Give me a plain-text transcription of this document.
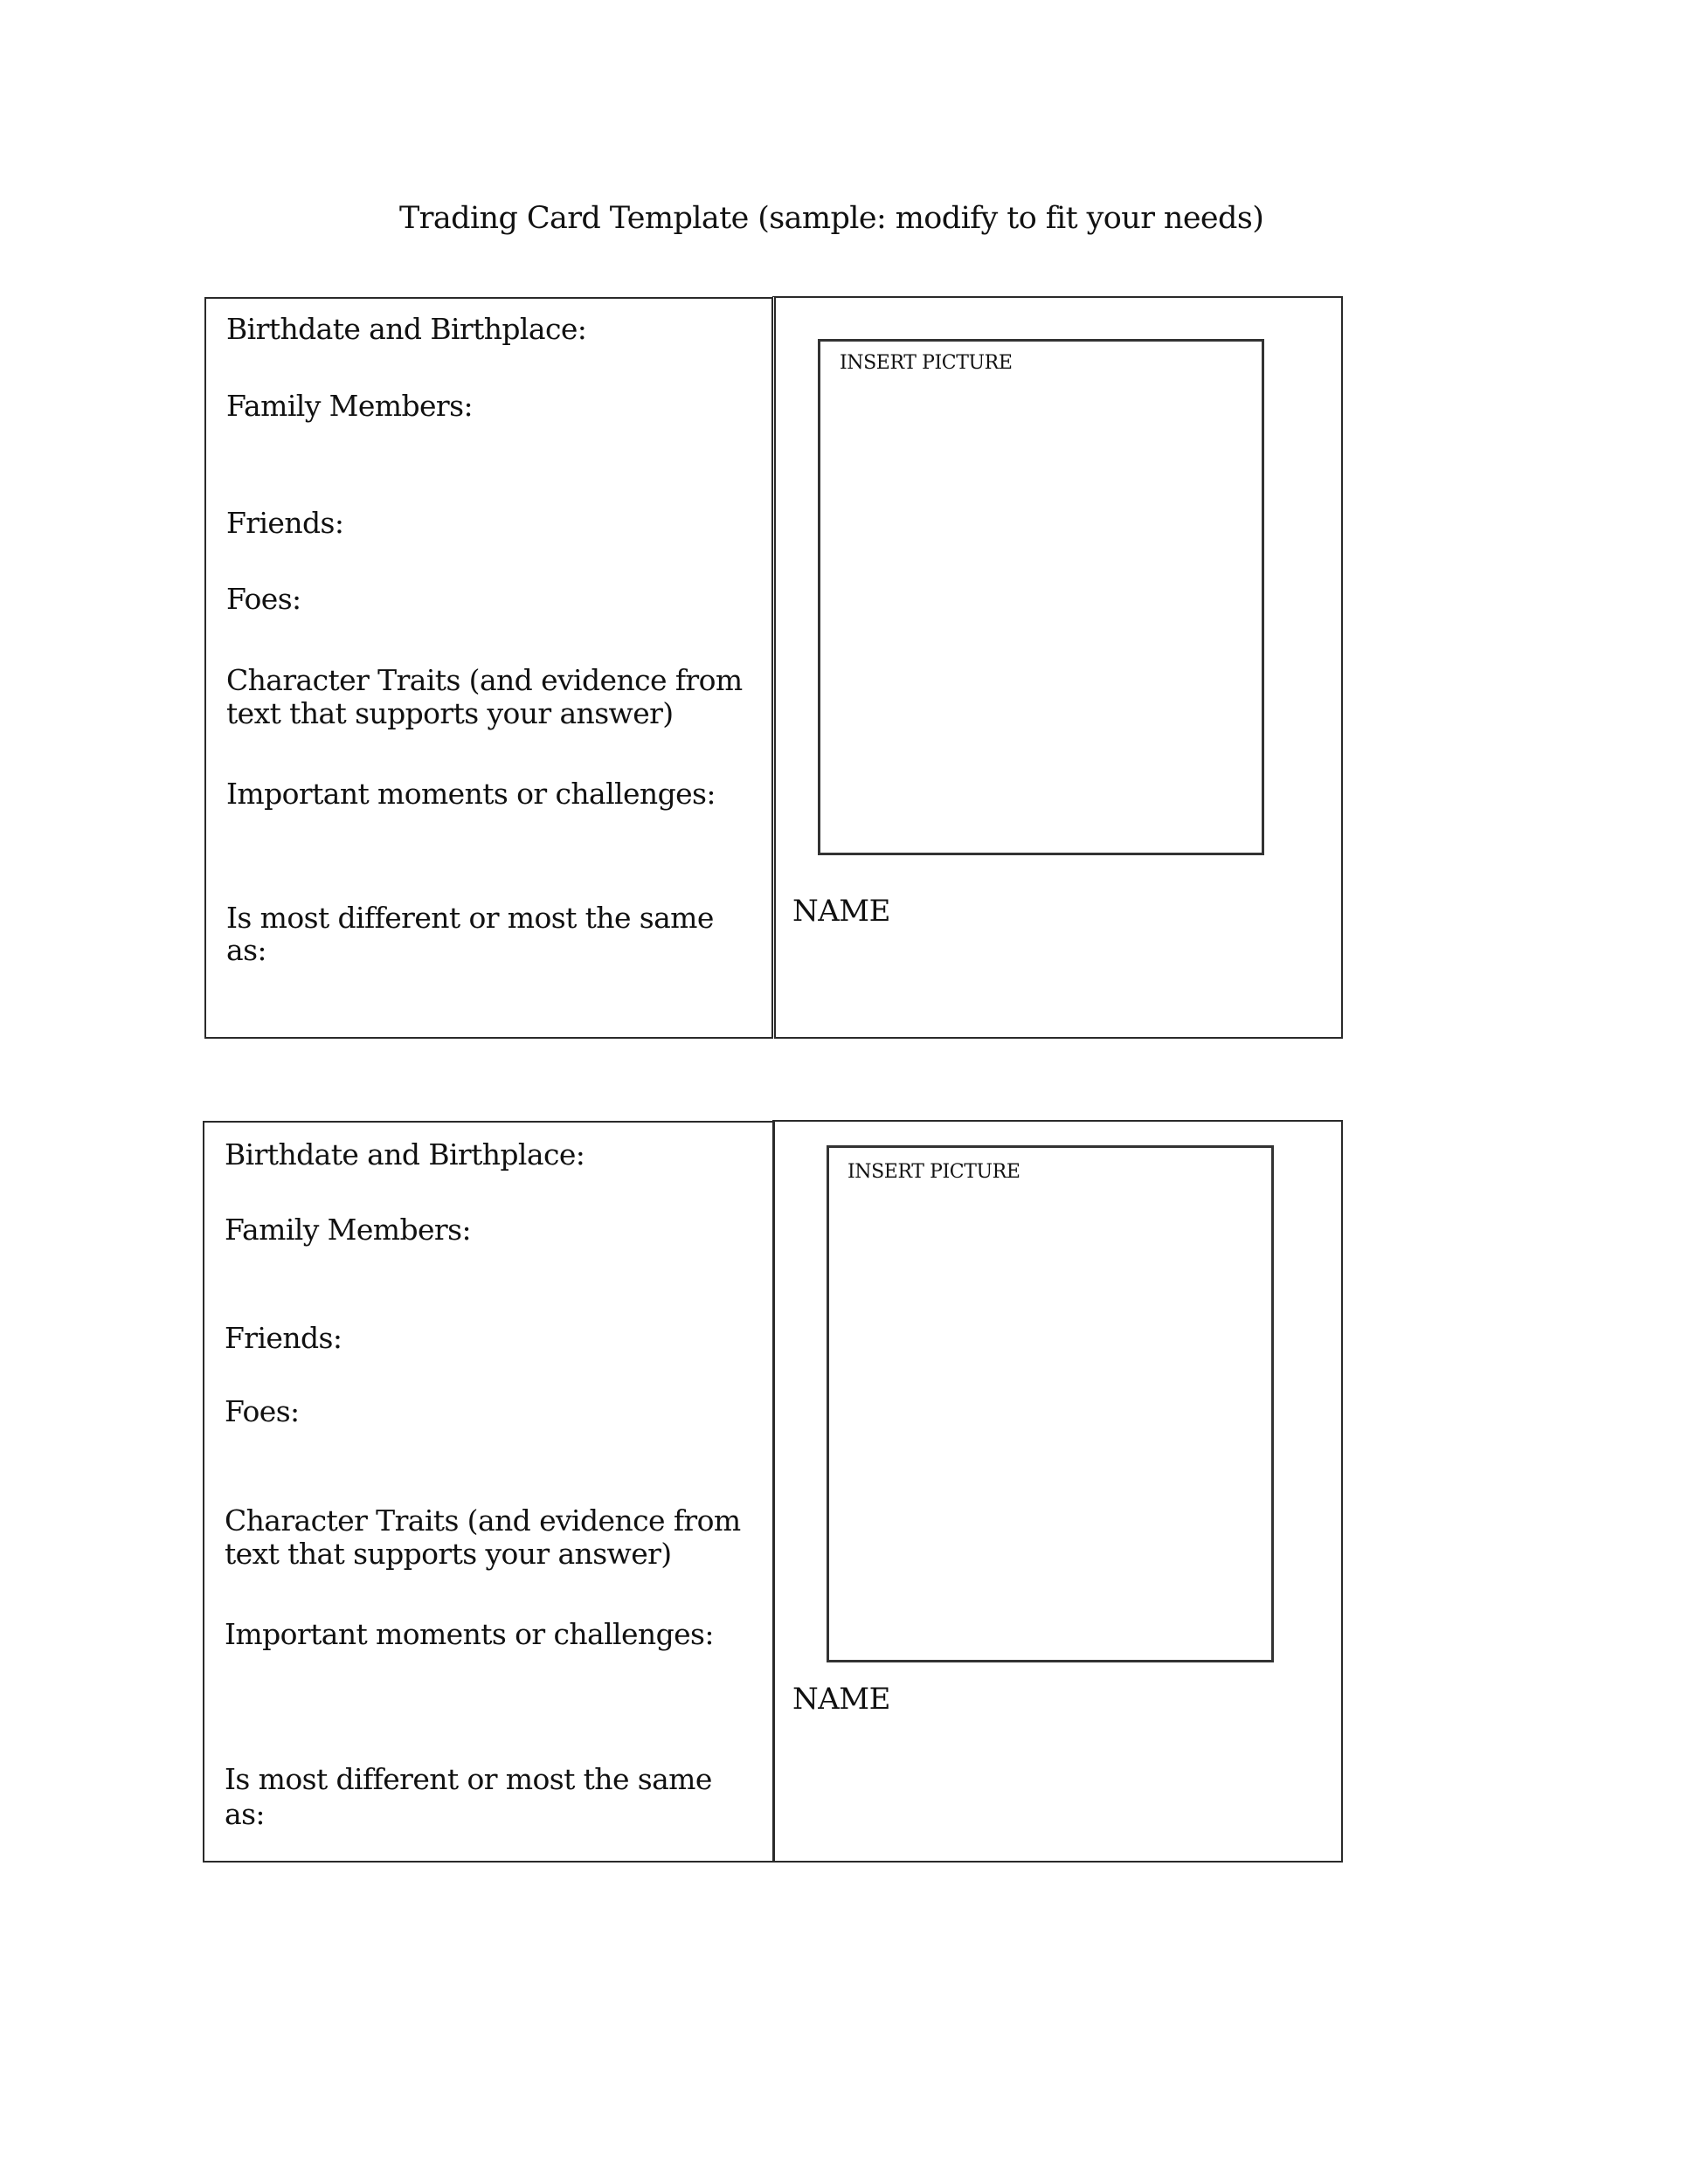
Trading Card Template (sample: modify to fit your needs)
INSERT PICTURE
NAME
Birthdate and Birthplace:
Family Members:
Friends:
Foes:
Character Traits (and evidence from
text that supports your answer)
Important moments or challenges:
Is most different or most the same
as:
INSERT PICTURE
NAME
Birthdate and Birthplace:
Family Members:
Friends:
Foes:
Character Traits (and evidence from
text that supports your answer)
Important moments or challenges:
Is most different or most the same
as:
